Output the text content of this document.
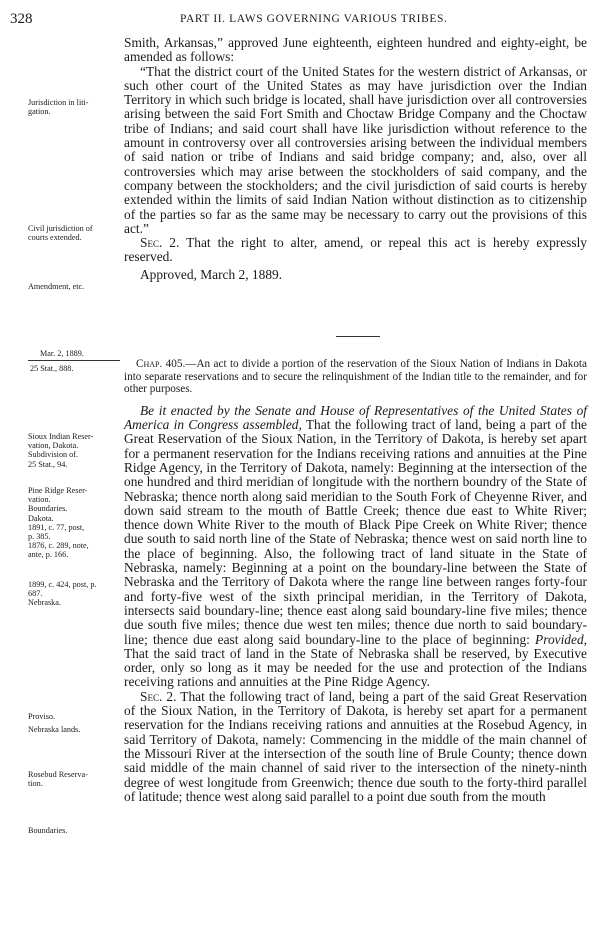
328	PART II. LAWS GOVERNING VARIOUS TRIBES.

Smith, Arkansas,” approved June eighteenth, eighteen hundred and eighty-eight, be amended as follows:

“That the district court of the United States for the western district of Arkansas, or such other court of the United States as may have jurisdiction over the Indian Territory in which such bridge is located, shall have jurisdiction over all controversies arising between the said Fort Smith and Choctaw Bridge Company and the Choctaw tribe of Indians; and said court shall have like jurisdiction without reference to the amount in controversy over all controversies arising between the individual members of said nation or tribe of Indians and said bridge company; and, also, over all controversies which may arise between the stockholders of said company, and the company between the stockholders; and the civil jurisdiction of said courts is hereby extended within the limits of said Indian Nation without distinction as to citizenship of the parties so far as the same may be necessary to carry out the provisions of this act.”

Sec. 2. That the right to alter, amend, or repeal this act is hereby expressly reserved.

Approved, March 2, 1889.

Jurisdiction in liti-
gation.
Civil jurisdiction of
courts extended.
Amendment, etc.
Mar. 2, 1889.
25 Stat., 888.	Chap. 405.—An act to divide a portion of the reservation of the Sioux Nation of Indians in Dakota into separate reservations and to secure the relinquishment of the Indian title to the remainder, and for other purposes.

Be it enacted by the Senate and House of Representatives of the United States of America in Congress assembled, That the following tract of land, being a part of the Great Reservation of the Sioux Nation, in the Territory of Dakota, is hereby set apart for a permanent reservation for the Indians receiving rations and annuities at the Pine Ridge Agency, in the Territory of Dakota, namely: Beginning at the intersection of the one hundred and third meridian of longitude with the northern boundry of the State of Nebraska; thence north along said meridian to the South Fork of Cheyenne River, and down said stream to the mouth of Battle Creek; thence due east to White River; thence down White River to the mouth of Black Pipe Creek on White River; thence due south to said north line of the State of Nebraska; thence west on said north line to the place of beginning. Also, the following tract of land situate in the State of Nebraska, namely: Beginning at a point on the boundary-line between the State of Nebraska and the Territory of Dakota where the range line between ranges forty-four and forty-five west of the sixth principal meridian, in the Territory of Dakota, intersects said boundary-line; thence east along said boundary-line five miles; thence due south five miles; thence due west ten miles; thence due north to said boundary-line; thence due east along said boundary-line to the place of beginning: Provided, That the said tract of land in the State of Nebraska shall be reserved, by Executive order, only so long as it may be needed for the use and protection of the Indians receiving rations and annuities at the Pine Ridge Agency.

Sec. 2. That the following tract of land, being a part of the said Great Reservation of the Sioux Nation, in the Territory of Dakota, is hereby set apart for a permanent reservation for the Indians receiving rations and annuities at the Rosebud Agency, in said Territory of Dakota, namely: Commencing in the middle of the main channel of the Missouri River at the intersection of the south line of Brule County; thence down said middle of the main channel of said river to the intersection of the ninety-ninth degree of west longitude from Greenwich; thence due south to the forty-third parallel of latitude; thence west along said parallel to a point due south from the mouth

Sioux Indian Reser-
vation, Dakota.
Subdivision of.
25 Stat., 94.
Pine Ridge Reser-
vation.
Boundaries.
Dakota.
1891, c. 77, post,
p. 385.
1876, c. 289, note,
ante, p. 166.
1899, c. 424, post, p.
687.
Nebraska.
Proviso.
Nebraska lands.
Rosebud Reserva-
tion.
Boundaries.
